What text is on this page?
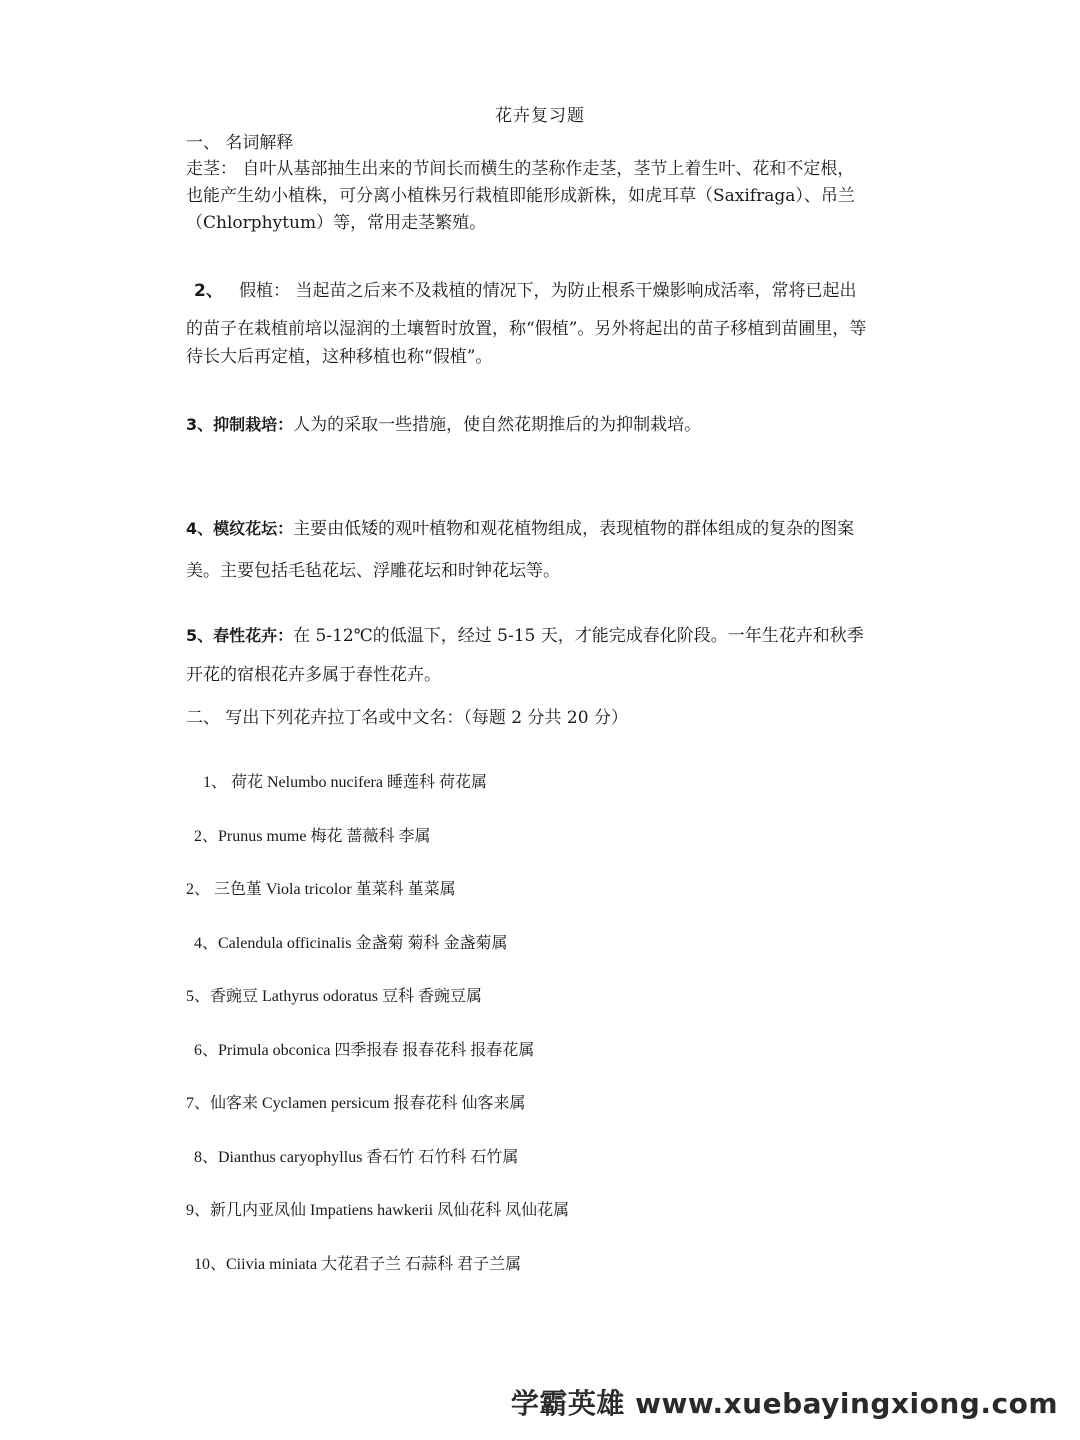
花卉复习题
一、 名词解释
走茎： 自叶从基部抽生出来的节间长而横生的茎称作走茎，茎节上着生叶、花和不定根，
也能产生幼小植株，可分离小植株另行栽植即能形成新株，如虎耳草（Saxifraga）、吊兰
（Chlorphytum）等，常用走茎繁殖。
2、 假植： 当起苗之后来不及栽植的情况下，为防止根系干燥影响成活率，常将已起出
的苗子在栽植前培以湿润的土壤暂时放置，称“假植”。另外将起出的苗子移植到苗圃里，等
待长大后再定植，这种移植也称“假植”。
3、抑制栽培：人为的采取一些措施，使自然花期推后的为抑制栽培。
4、模纹花坛：主要由低矮的观叶植物和观花植物组成，表现植物的群体组成的复杂的图案
美。主要包括毛毡花坛、浮雕花坛和时钟花坛等。
5、春性花卉：在 5-12℃的低温下，经过 5-15 天，才能完成春化阶段。一年生花卉和秋季
开花的宿根花卉多属于春性花卉。
二、 写出下列花卉拉丁名或中文名：（每题 2 分共 20 分）
1、 荷花 Nelumbo nucifera 睡莲科 荷花属
2、Prunus mume 梅花 蔷薇科 李属
2、 三色堇 Viola tricolor 堇菜科 堇菜属
4、Calendula officinalis 金盏菊 菊科 金盏菊属
5、香豌豆 Lathyrus odoratus 豆科 香豌豆属
6、Primula obconica 四季报春 报春花科 报春花属
7、仙客来 Cyclamen persicum 报春花科 仙客来属
8、Dianthus caryophyllus 香石竹 石竹科 石竹属
9、新几内亚凤仙 Impatiens hawkerii 凤仙花科 凤仙花属
10、Ciivia miniata 大花君子兰 石蒜科 君子兰属
学霸英雄 www.xuebayingxiong.com
